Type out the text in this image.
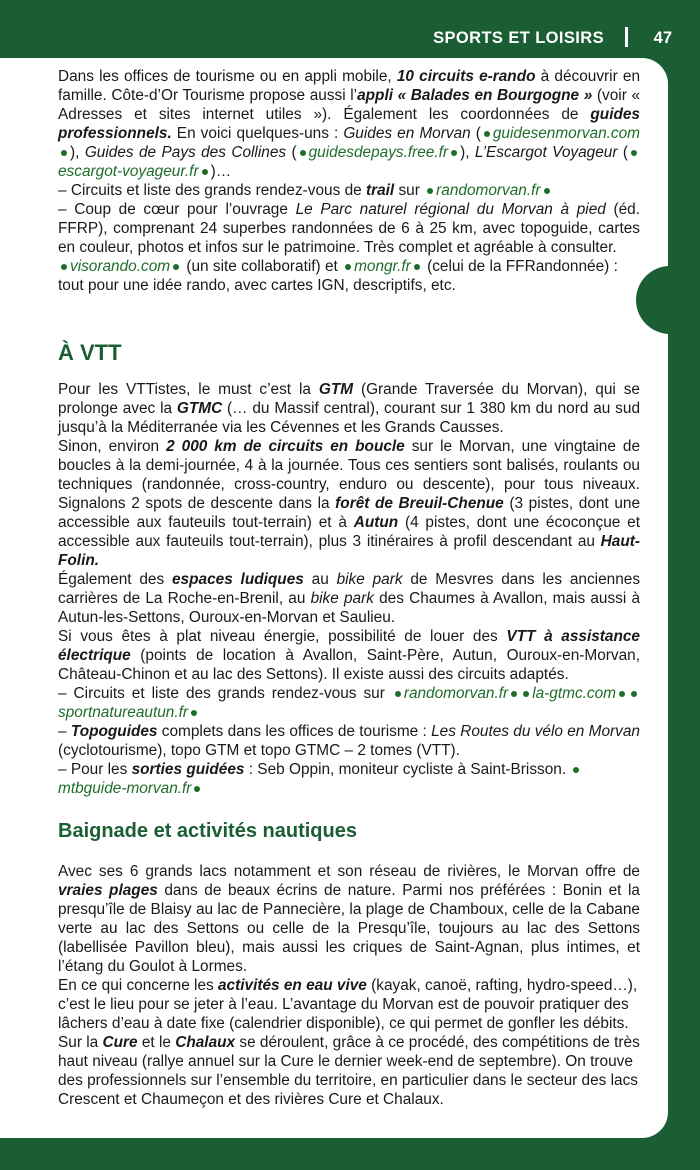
SPORTS ET LOISIRS	47

Dans les offices de tourisme ou en appli mobile, 10 circuits e-rando à découvrir en famille. Côte-d’Or Tourisme propose aussi l’appli « Balades en Bourgogne » (voir « Adresses et sites internet utiles »). Également les coordonnées de guides professionnels. En voici quelques-uns : Guides en Morvan ( guidesenmorvan.com), Guides de Pays des Collines ( guidesdepays.free.fr ), L’Escargot Voyageur (escargot-voyageur.fr )…

– Circuits et liste des grands rendez-vous de trail sur randomorvan.fr

– Coup de cœur pour l’ouvrage Le Parc naturel régional du Morvan à pied (éd. FFRP), comprenant 24 superbes randonnées de 6 à 25 km, avec topoguide, cartes en couleur, photos et infos sur le patrimoine. Très complet et agréable à consulter.

visorando.com (un site collaboratif) et mongr.fr (celui de la FFRandonnée) : tout pour une idée rando, avec cartes IGN, descriptifs, etc.

À VTT

Pour les VTTistes, le must c’est la GTM (Grande Traversée du Morvan), qui se prolonge avec la GTMC (… du Massif central), courant sur 1 380 km du nord au sud jusqu’à la Méditerranée via les Cévennes et les Grands Causses.

Sinon, environ 2 000 km de circuits en boucle sur le Morvan, une vingtaine de boucles à la demi-journée, 4 à la journée. Tous ces sentiers sont balisés, roulants ou techniques (randonnée, cross-country, enduro ou descente), pour tous niveaux. Signalons 2 spots de descente dans la forêt de Breuil-Chenue (3 pistes, dont une accessible aux fauteuils tout-terrain) et à Autun (4 pistes, dont une écoconçue et accessible aux fauteuils tout-terrain), plus 3 itinéraires à profil descendant au Haut-Folin.

Également des espaces ludiques au bike park de Mesvres dans les anciennes carrières de La Roche-en-Brenil, au bike park des Chaumes à Avallon, mais aussi à Autun-les-Settons, Ouroux-en-Morvan et Saulieu.

Si vous êtes à plat niveau énergie, possibilité de louer des VTT à assistance électrique (points de location à Avallon, Saint-Père, Autun, Ouroux-en-Morvan, Château-Chinon et au lac des Settons). Il existe aussi des circuits adaptés.

– Circuits et liste des grands rendez-vous sur randomorvan.fr la-gtmc.comsportnatureautun.fr

– Topoguides complets dans les offices de tourisme : Les Routes du vélo en Morvan (cyclotourisme), topo GTM et topo GTMC – 2 tomes (VTT).

– Pour les sorties guidées : Seb Oppin, moniteur cycliste à Saint-Brisson. mtbguide-morvan.fr

Baignade et activités nautiques

Avec ses 6 grands lacs notamment et son réseau de rivières, le Morvan offre de vraies plages dans de beaux écrins de nature. Parmi nos préférées : Bonin et la presqu’île de Blaisy au lac de Pannecière, la plage de Chamboux, celle de la Cabane verte au lac des Settons ou celle de la Presqu’île, toujours au lac des Settons (labellisée Pavillon bleu), mais aussi les criques de Saint-Agnan, plus intimes, et l’étang du Goulot à Lormes.

En ce qui concerne les activités en eau vive (kayak, canoë, rafting, hydro-speed…), c’est le lieu pour se jeter à l’eau. L’avantage du Morvan est de pouvoir pratiquer des lâchers d’eau à date fixe (calendrier disponible), ce qui permet de gonfler les débits. Sur la Cure et le Chalaux se déroulent, grâce à ce procédé, des compétitions de très haut niveau (rallye annuel sur la Cure le dernier week-end de septembre). On trouve des professionnels sur l’ensemble du territoire, en particulier dans le secteur des lacs Crescent et Chaumeçon et des rivières Cure et Chalaux.
